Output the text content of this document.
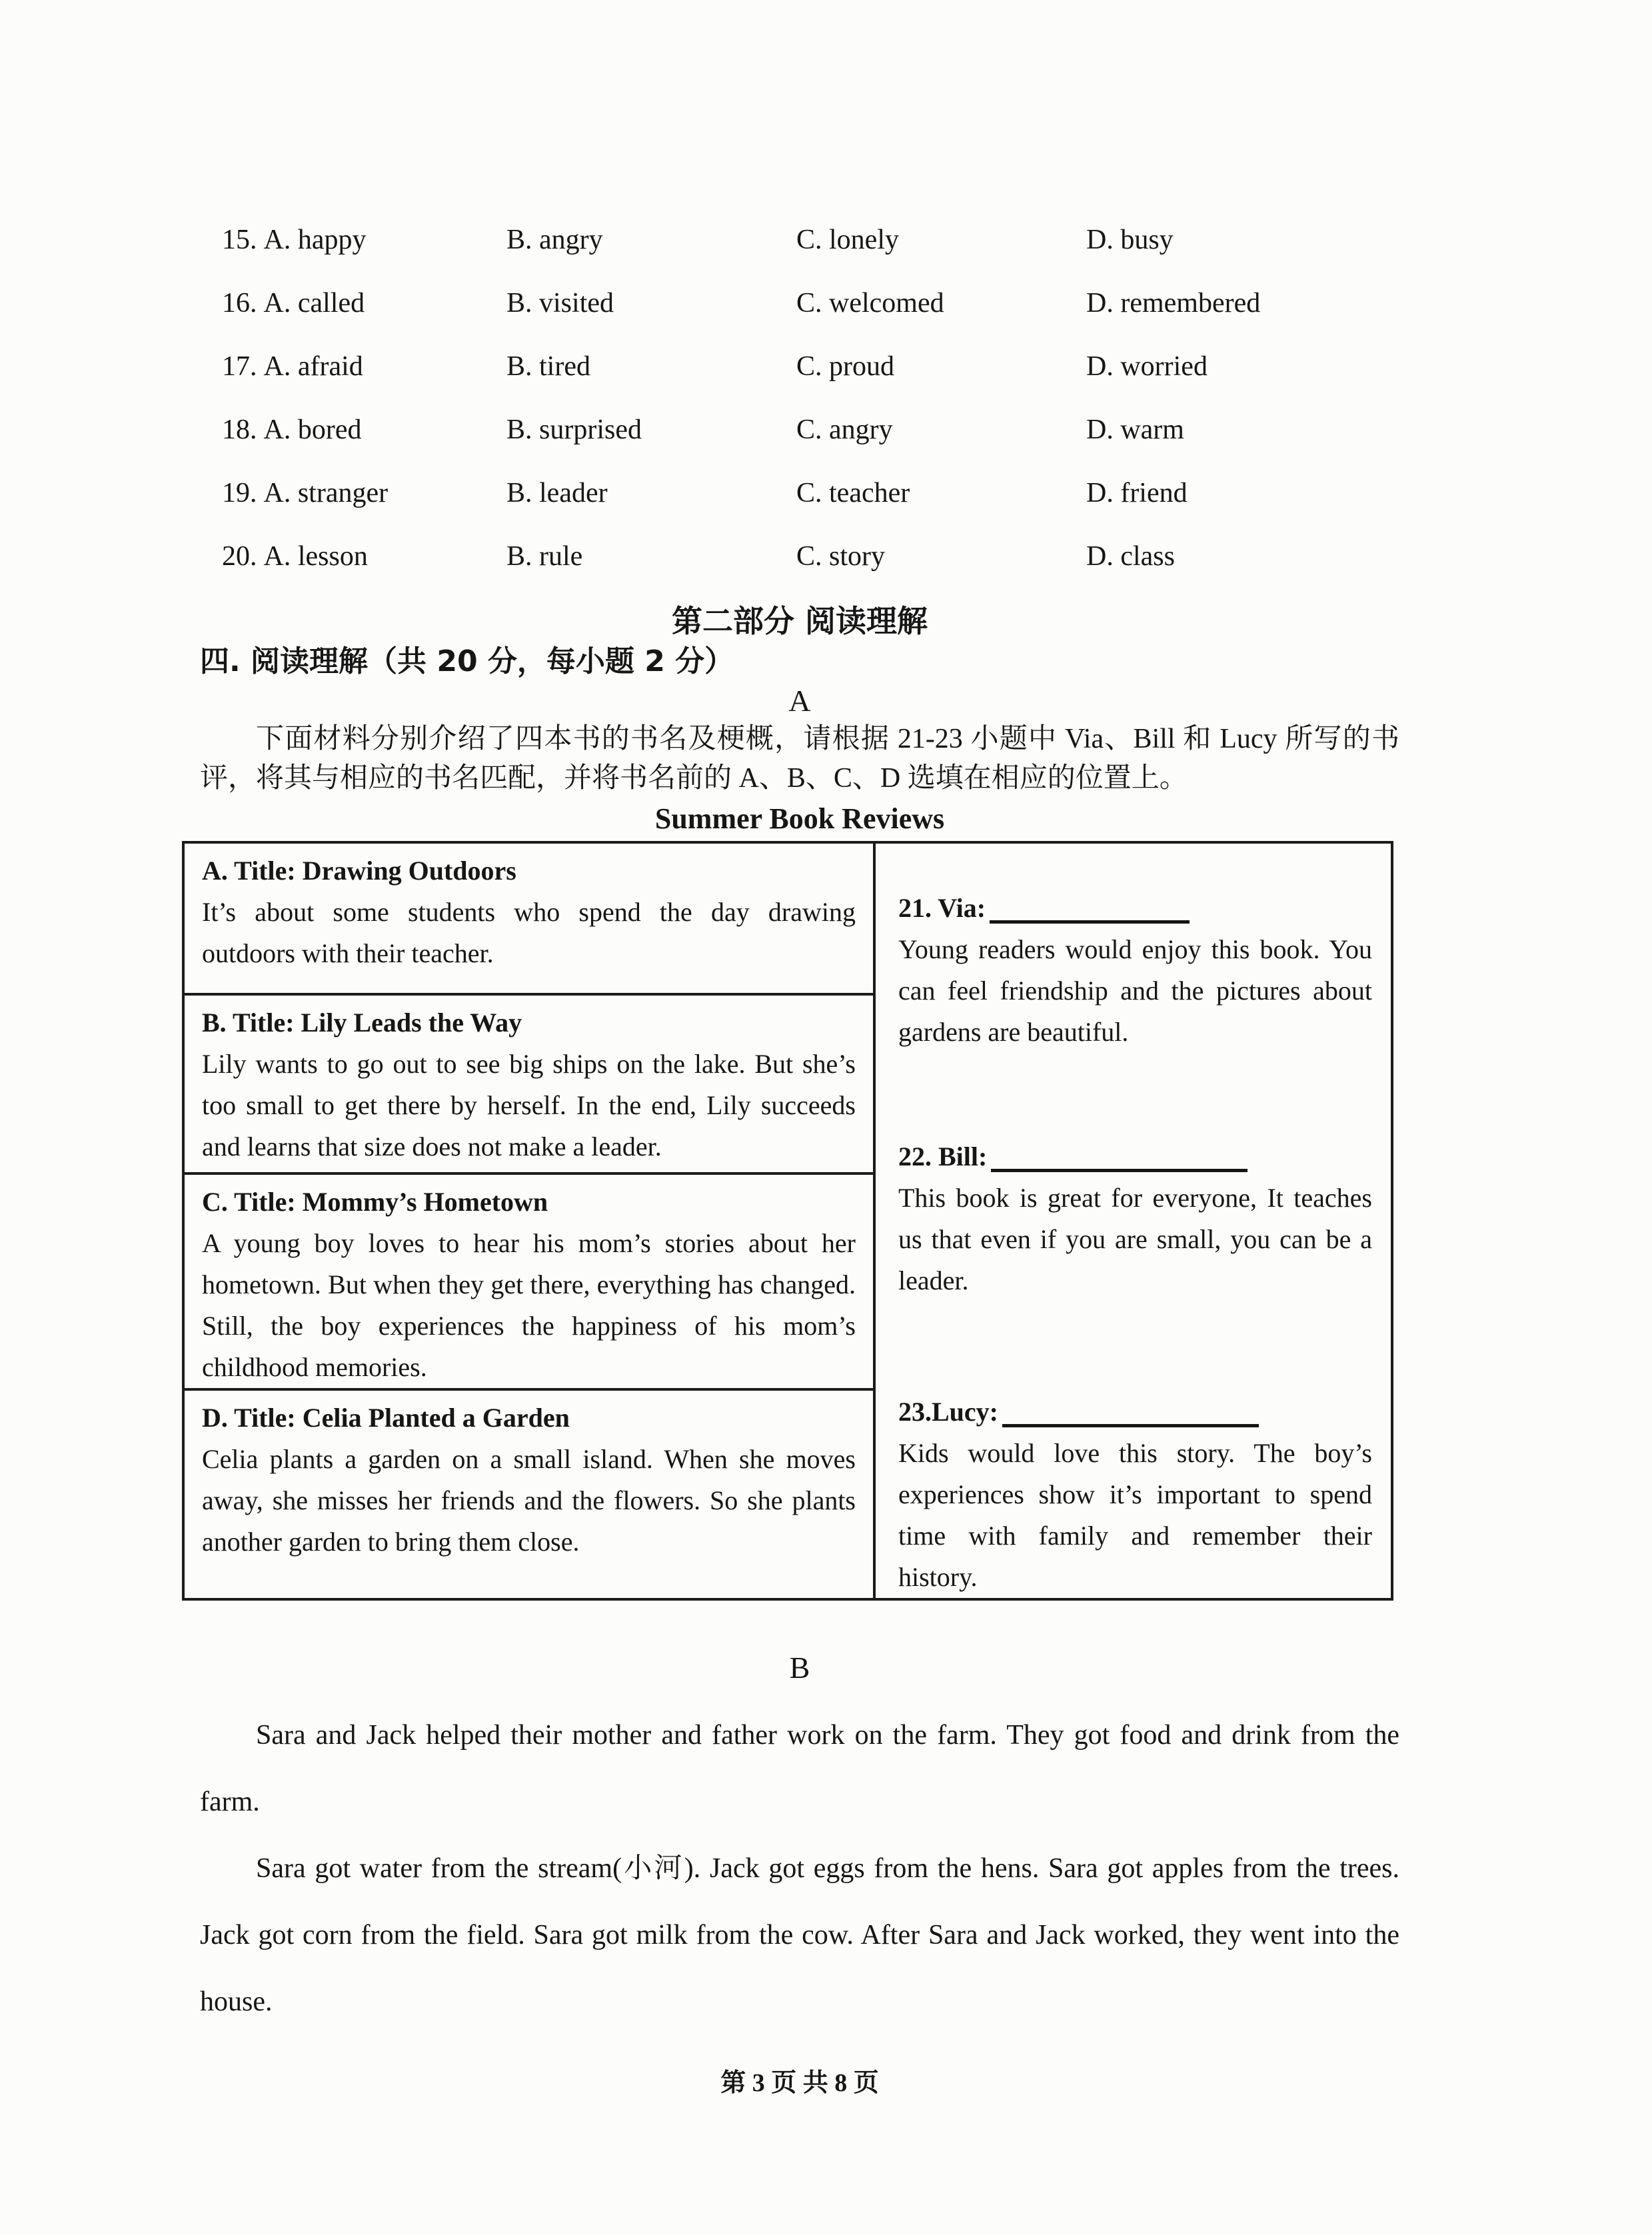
15. A. happy	B. angry	C. lonely	D. busy
16. A. called	B. visited	C. welcomed	D. remembered
17. A. afraid	B. tired	C. proud	D. worried
18. A. bored	B. surprised	C. angry	D. warm
19. A. stranger	B. leader	C. teacher	D. friend
20. A. lesson	B. rule	C. story	D. class
第二部分 阅读理解
四. 阅读理解（共 20 分，每小题 2 分）
A

下面材料分别介绍了四本书的书名及梗概，请根据 21-23 小题中 Via、Bill 和 Lucy 所写的书评，将其与相应的书名匹配，并将书名前的 A、B、C、D 选填在相应的位置上。

Summer Book Reviews
A. Title: Drawing Outdoors
It’s about some students who spend the day drawing outdoors with their teacher.
B. Title: Lily Leads the Way
Lily wants to go out to see big ships on the lake. But she’s too small to get there by herself. In the end, Lily succeeds and learns that size does not make a leader.
C. Title: Mommy’s Hometown
A young boy loves to hear his mom’s stories about her hometown. But when they get there, everything has changed. Still, the boy experiences the happiness of his mom’s childhood memories.
D. Title: Celia Planted a Garden
Celia plants a garden on a small island. When she moves away, she misses her friends and the flowers. So she plants another garden to bring them close.
21. Via:
Young readers would enjoy this book. You can feel friendship and the pictures about gardens are beautiful.
22. Bill:
This book is great for everyone, It teaches us that even if you are small, you can be a leader.
23.Lucy:
Kids would love this story. The boy’s experiences show it’s important to spend time with family and remember their history.
B

Sara and Jack helped their mother and father work on the farm. They got food and drink from the farm.

Sara got water from the stream(小河). Jack got eggs from the hens. Sara got apples from the trees. Jack got corn from the field. Sara got milk from the cow. After Sara and Jack worked, they went into the house.

第 3 页 共 8 页
